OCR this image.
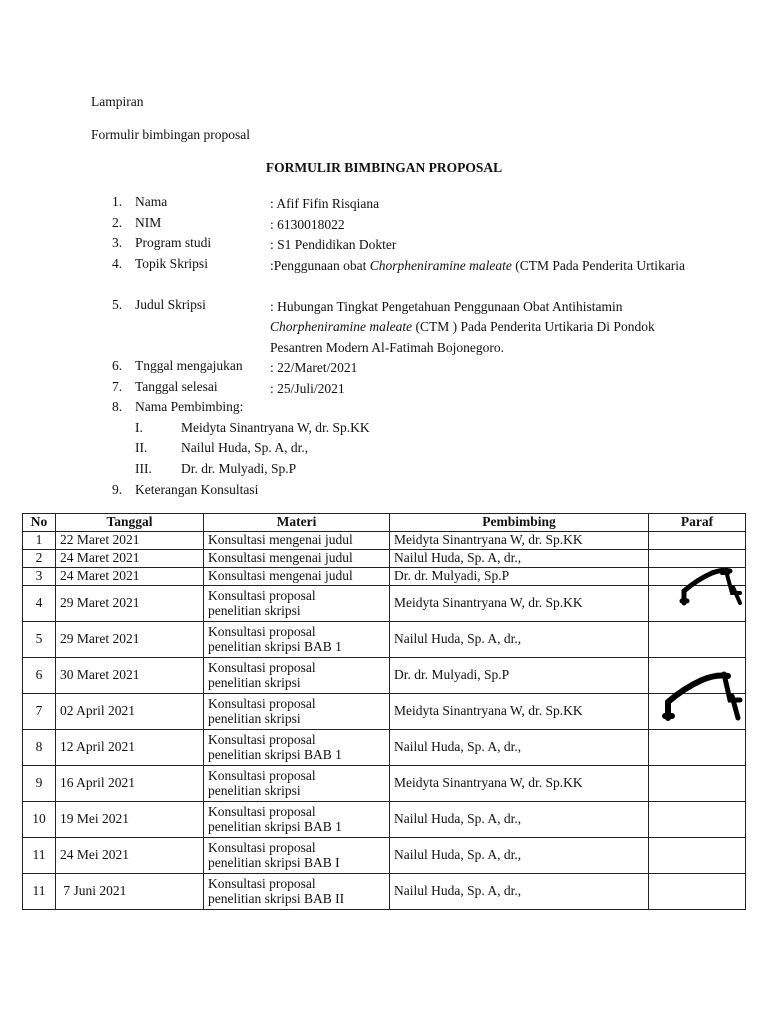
Lampiran
Formulir bimbingan proposal
FORMULIR BIMBINGAN PROPOSAL
1. Nama	: Afif Fifin Risqiana
2. NIM	: 6130018022
3. Program studi	: S1 Pendidikan Dokter
4. Topik Skripsi	:Penggunaan obat Chorpheniramine maleate (CTM Pada Penderita Urtikaria
5. Judul Skripsi	: Hubungan Tingkat Pengetahuan Penggunaan Obat Antihistamin Chorpheniramine maleate (CTM ) Pada Penderita Urtikaria Di Pondok Pesantren Modern Al-Fatimah Bojonegoro.
6. Tnggal mengajukan : 22/Maret/2021
7. Tanggal selesai	: 25/Juli/2021
8. Nama Pembimbing:
I.	Meidyta Sinantryana W, dr. Sp.KK
II. Nailul Huda, Sp. A, dr.,
III. Dr. dr. Mulyadi, Sp.P
9. Keterangan Konsultasi
No	Tanggal	Materi	Pembimbing	Paraf
1	22 Maret 2021	Konsultasi mengenai judul	Meidyta Sinantryana W, dr. Sp.KK	
2	24 Maret 2021	Konsultasi mengenai judul	Nailul Huda, Sp. A, dr.,	
3	24 Maret 2021	Konsultasi mengenai judul	Dr. dr. Mulyadi, Sp.P	
4	29 Maret 2021	Konsultasi proposal
penelitian skripsi	Meidyta Sinantryana W, dr. Sp.KK	
5	29 Maret 2021	Konsultasi proposal
penelitian skripsi BAB 1	Nailul Huda, Sp. A, dr.,	
6	30 Maret 2021	Konsultasi proposal
penelitian skripsi	Dr. dr. Mulyadi, Sp.P	
7	02 April 2021	Konsultasi proposal
penelitian skripsi	Meidyta Sinantryana W, dr. Sp.KK	
8	12 April 2021	Konsultasi proposal
penelitian skripsi BAB 1	Nailul Huda, Sp. A, dr.,	
9	16 April 2021	Konsultasi proposal
penelitian skripsi	Meidyta Sinantryana W, dr. Sp.KK	
10	19 Mei 2021	Konsultasi proposal
penelitian skripsi BAB 1	Nailul Huda, Sp. A, dr.,	
11	24 Mei 2021	Konsultasi proposal
penelitian skripsi BAB I	Nailul Huda, Sp. A, dr.,	
11	7 Juni 2021	Konsultasi proposal
penelitian skripsi BAB II	Nailul Huda, Sp. A, dr.,	
